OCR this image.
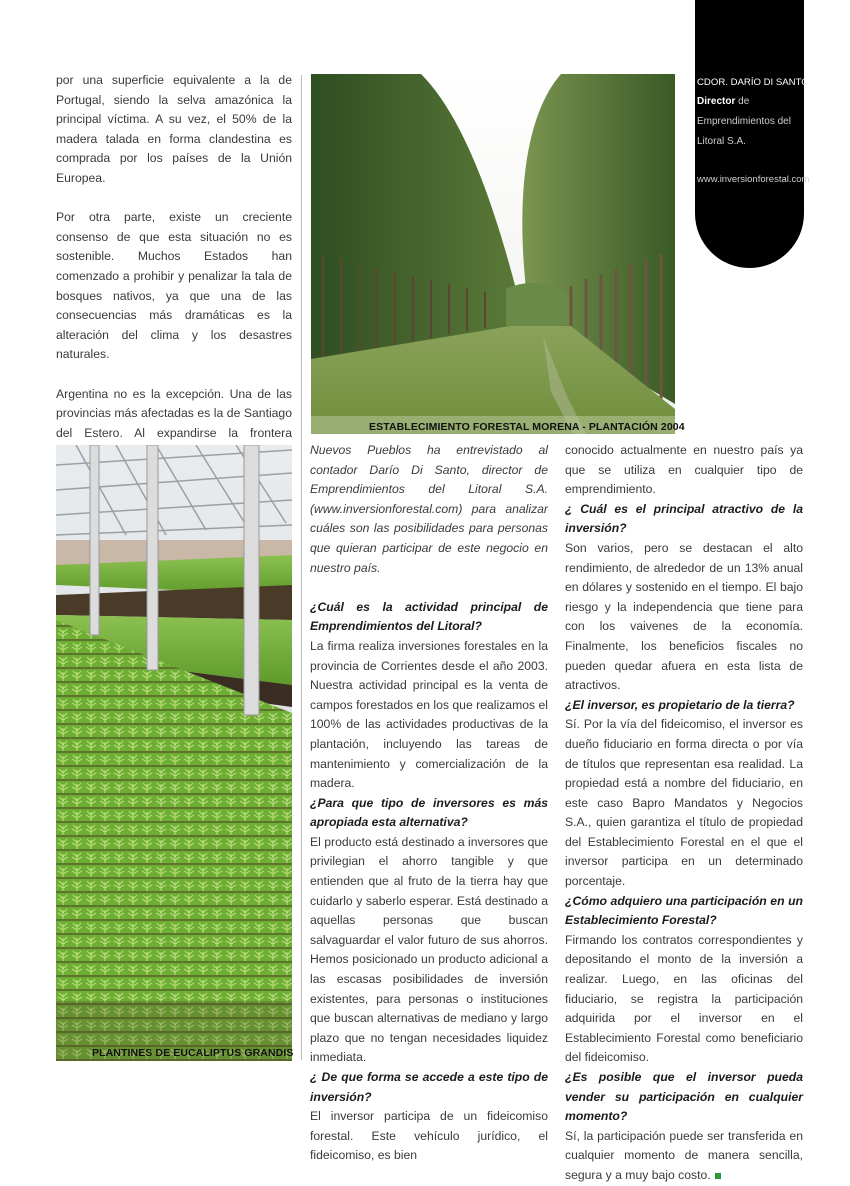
CDOR. DARÍO DI SANTO
Director de
Emprendimientos del
Litoral S.A.
www.inversionforestal.com

por una superficie equivalente a la de Portugal, siendo la selva amazónica la principal víctima. A su vez, el 50% de la madera talada en forma clandestina es comprada por los países de la Unión Europea.

Por otra parte, existe un creciente consenso de que esta situación no es sostenible. Muchos Estados han comenzado a prohibir y penalizar la tala de bosques nativos, ya que una de las consecuencias más dramáticas es la alteración del clima y los desastres naturales.

Argentina no es la excepción. Una de las provincias más afectadas es la de Santiago del Estero. Al expandirse la frontera	ESTABLECIMIENTO FORESTAL MORENA - PLANTACIÓN 2004
PLANTINES DE EUCALIPTUS GRANDIS

Nuevos Pueblos ha entrevistado al contador Darío Di Santo, director de Emprendimientos del Litoral S.A. (www.inversionforestal.com) para analizar cuáles son las posibilidades para personas que quieran participar de este negocio en nuestro país.

¿Cuál es la actividad principal de Emprendimientos del Litoral?

La firma realiza inversiones forestales en la provincia de Corrientes desde el año 2003. Nuestra actividad principal es la venta de campos forestados en los que realizamos el 100% de las actividades productivas de la plantación, incluyendo las tareas de mantenimiento y comercialización de la madera.

¿Para que tipo de inversores es más apropiada esta alternativa?

El producto está destinado a inversores que privilegian el ahorro tangible y que entienden que al fruto de la tierra hay que cuidarlo y saberlo esperar. Está destinado a aquellas personas que buscan salvaguardar el valor futuro de sus ahorros. Hemos posicionado un producto adicional a las escasas posibilidades de inversión existentes, para personas o instituciones que buscan alternativas de mediano y largo plazo que no tengan necesidades liquidez inmediata.

¿ De que forma se accede a este tipo de inversión?

El inversor participa de un fideicomiso forestal. Este vehículo jurídico, el fideicomiso, es bien

conocido actualmente en nuestro país ya que se utiliza en cualquier tipo de emprendimiento.

¿ Cuál es el principal atractivo de la inversión?

Son varios, pero se destacan el alto rendimiento, de alrededor de un 13% anual en dólares y sostenido en el tiempo. El bajo riesgo y la independencia que tiene para con los vaivenes de la economía. Finalmente, los beneficios fiscales no pueden quedar afuera en esta lista de atractivos.

¿El inversor, es propietario de la tierra?

Sí. Por la vía del fideicomiso, el inversor es dueño fiduciario en forma directa o por vía de títulos que representan esa realidad. La propiedad está a nombre del fiduciario, en este caso Bapro Mandatos y Negocios S.A., quien garantiza el título de propiedad del Establecimiento Forestal en el que el inversor participa en un determinado porcentaje.

¿Cómo adquiero una participación en un Establecimiento Forestal?

Firmando los contratos correspondientes y depositando el monto de la inversión a realizar. Luego, en las oficinas del fiduciario, se registra la participación adquirida por el inversor en el Establecimiento Forestal como beneficiario del fideicomiso.

¿Es posible que el inversor pueda vender su participación en cualquier momento?

Sí, la participación puede ser transferida en cualquier momento de manera sencilla, segura y a muy bajo costo.
